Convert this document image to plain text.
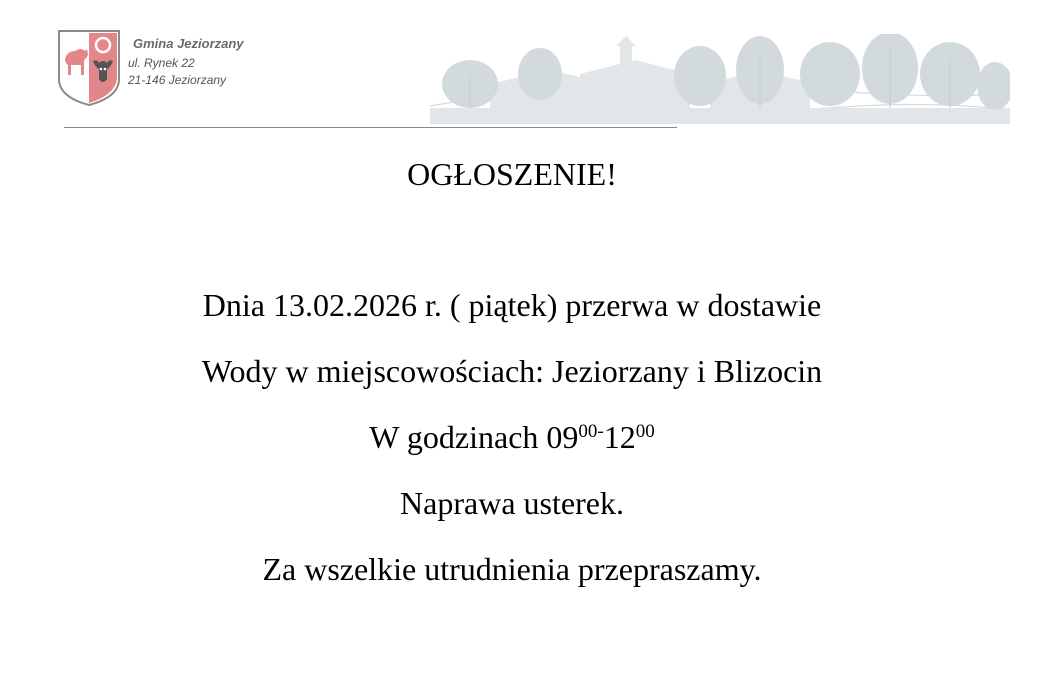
Gmina Jeziorzany
ul. Rynek 22
21-146 Jeziorzany
OGŁOSZENIE!

Dnia 13.02.2026 r. ( piątek) przerwa w dostawie

Wody w miejscowościach: Jeziorzany i Blizocin

W godzinach $09^{00-}12^{00}$

Naprawa usterek.

Za wszelkie utrudnienia przepraszamy.
